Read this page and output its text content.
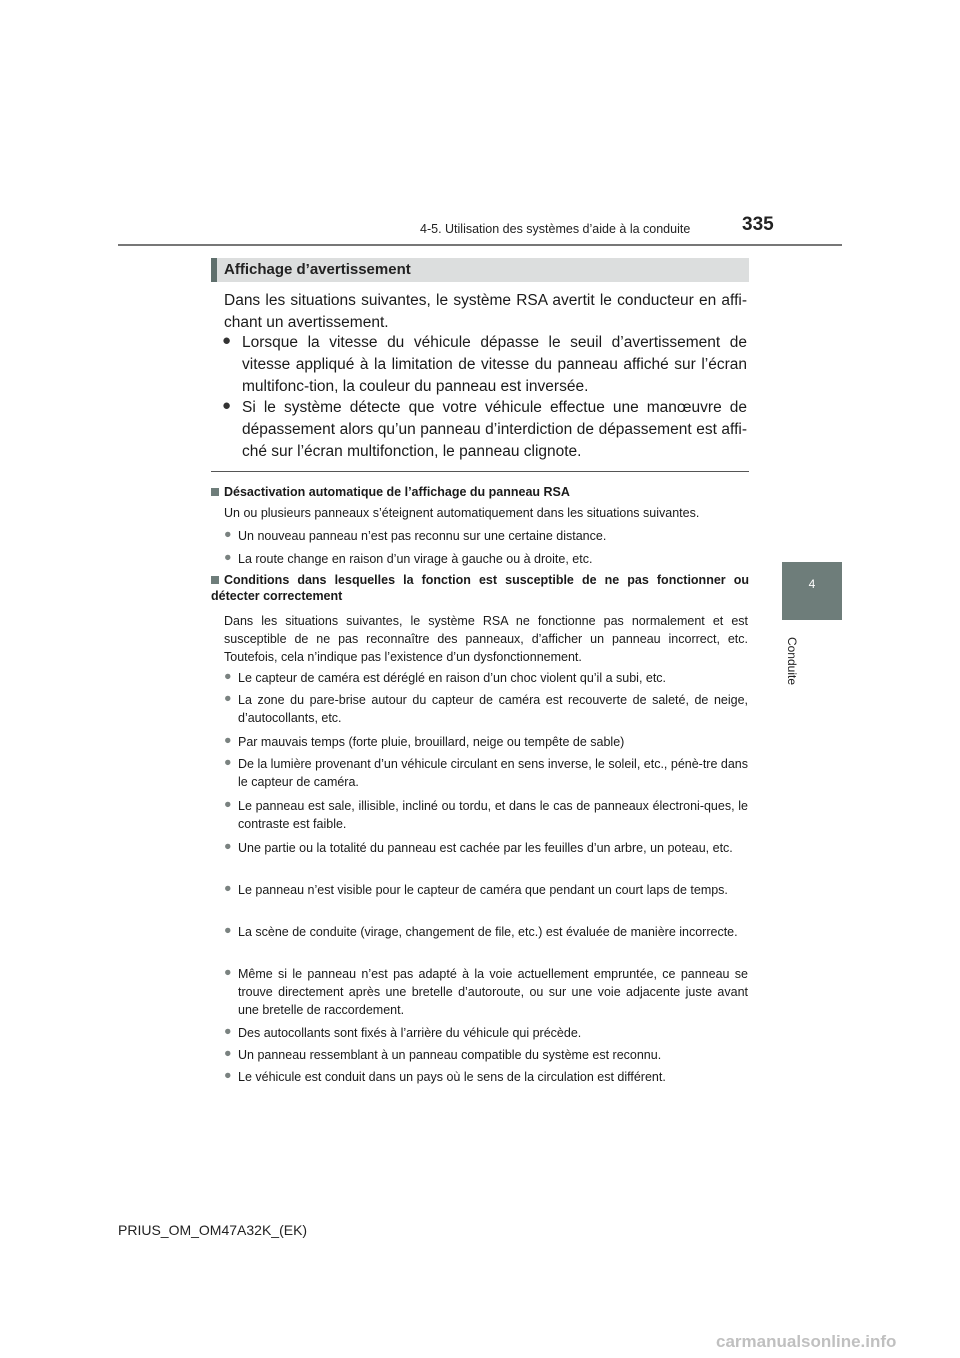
4-5. Utilisation des systèmes d’aide à la conduite	335
4
Conduite
Affichage d’avertissement
Dans les situations suivantes, le système RSA avertit le conducteur en affi-chant un avertissement.
● Lorsque la vitesse du véhicule dépasse le seuil d’avertissement de vitesse appliqué à la limitation de vitesse du panneau affiché sur l’écran multifonc-tion, la couleur du panneau est inversée.
● Si le système détecte que votre véhicule effectue une manœuvre de dépassement alors qu’un panneau d’interdiction de dépassement est affi-ché sur l’écran multifonction, le panneau clignote.
Désactivation automatique de l’affichage du panneau RSA
Un ou plusieurs panneaux s’éteignent automatiquement dans les situations suivantes.
● Un nouveau panneau n’est pas reconnu sur une certaine distance.
● La route change en raison d’un virage à gauche ou à droite, etc.
Conditions dans lesquelles la fonction est susceptible de ne pas fonctionner ou détecter correctement
Dans les situations suivantes, le système RSA ne fonctionne pas normalement et est susceptible de ne pas reconnaître des panneaux, d’afficher un panneau incorrect, etc. Toutefois, cela n’indique pas l’existence d’un dysfonctionnement.
● Le capteur de caméra est déréglé en raison d’un choc violent qu’il a subi, etc.
● La zone du pare-brise autour du capteur de caméra est recouverte de saleté, de neige, d’autocollants, etc.
● Par mauvais temps (forte pluie, brouillard, neige ou tempête de sable)
● De la lumière provenant d’un véhicule circulant en sens inverse, le soleil, etc., pénè-tre dans le capteur de caméra.
● Le panneau est sale, illisible, incliné ou tordu, et dans le cas de panneaux électroni-ques, le contraste est faible.
● Une partie ou la totalité du panneau est cachée par les feuilles d’un arbre, un poteau, etc.
● Le panneau n’est visible pour le capteur de caméra que pendant un court laps de temps.
● La scène de conduite (virage, changement de file, etc.) est évaluée de manière incorrecte.
● Même si le panneau n’est pas adapté à la voie actuellement empruntée, ce panneau se trouve directement après une bretelle d’autoroute, ou sur une voie adjacente juste avant une bretelle de raccordement.
● Des autocollants sont fixés à l’arrière du véhicule qui précède.
● Un panneau ressemblant à un panneau compatible du système est reconnu.
● Le véhicule est conduit dans un pays où le sens de la circulation est différent.
PRIUS_OM_OM47A32K_(EK)
carmanualsonline.info
